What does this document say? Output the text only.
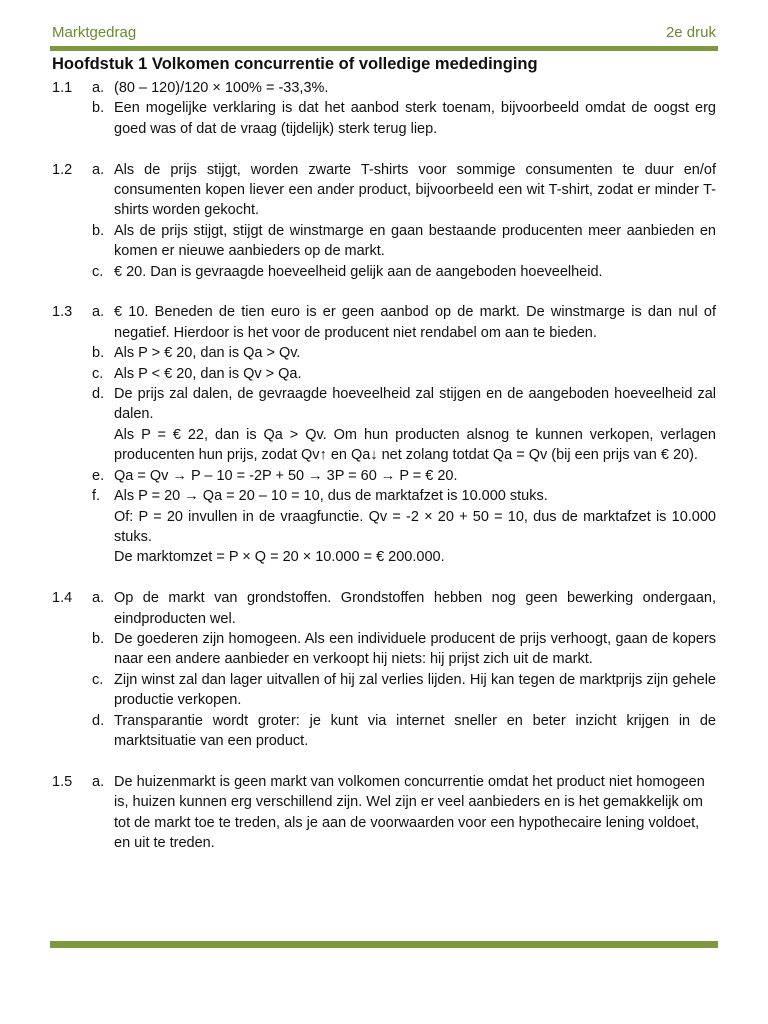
Marktgedrag	2e druk
Hoofdstuk 1 Volkomen concurrentie of volledige mededinging
1.1	a. (80 – 120)/120 × 100% = -33,3%.
b. Een mogelijke verklaring is dat het aanbod sterk toenam, bijvoorbeeld omdat de oogst erg goed was of dat de vraag (tijdelijk) sterk terug liep.
1.2	a. Als de prijs stijgt, worden zwarte T-shirts voor sommige consumenten te duur en/of consumenten kopen liever een ander product, bijvoorbeeld een wit T-shirt, zodat er minder T-shirts worden gekocht.
b. Als de prijs stijgt, stijgt de winstmarge en gaan bestaande producenten meer aanbieden en komen er nieuwe aanbieders op de markt.
c. € 20. Dan is gevraagde hoeveelheid gelijk aan de aangeboden hoeveelheid.
1.3	a. € 10. Beneden de tien euro is er geen aanbod op de markt. De winstmarge is dan nul of negatief. Hierdoor is het voor de producent niet rendabel om aan te bieden.
b. Als P > € 20, dan is Qa > Qv.
c. Als P < € 20, dan is Qv > Qa.
d. De prijs zal dalen, de gevraagde hoeveelheid zal stijgen en de aangeboden hoeveelheid zal dalen.
Als P = € 22, dan is Qa > Qv. Om hun producten alsnog te kunnen verkopen, verlagen producenten hun prijs, zodat Qv↑ en Qa↓ net zolang totdat Qa = Qv (bij een prijs van € 20).
e. Qa = Qv → P – 10 = -2P + 50 → 3P = 60 → P = € 20.
f. Als P = 20 → Qa = 20 – 10 = 10, dus de marktafzet is 10.000 stuks.
Of: P = 20 invullen in de vraagfunctie. Qv = -2 × 20 + 50 = 10, dus de marktafzet is 10.000 stuks.
De marktomzet = P × Q = 20 × 10.000 = € 200.000.
1.4	a. Op de markt van grondstoffen. Grondstoffen hebben nog geen bewerking ondergaan, eindproducten wel.
b. De goederen zijn homogeen. Als een individuele producent de prijs verhoogt, gaan de kopers naar een andere aanbieder en verkoopt hij niets: hij prijst zich uit de markt.
c. Zijn winst zal dan lager uitvallen of hij zal verlies lijden. Hij kan tegen de marktprijs zijn gehele productie verkopen.
d. Transparantie wordt groter: je kunt via internet sneller en beter inzicht krijgen in de marktsituatie van een product.
1.5	a. De huizenmarkt is geen markt van volkomen concurrentie omdat het product niet homogeen is, huizen kunnen erg verschillend zijn. Wel zijn er veel aanbieders en is het gemakkelijk om tot de markt toe te treden, als je aan de voorwaarden voor een hypothecaire lening voldoet, en uit te treden.
